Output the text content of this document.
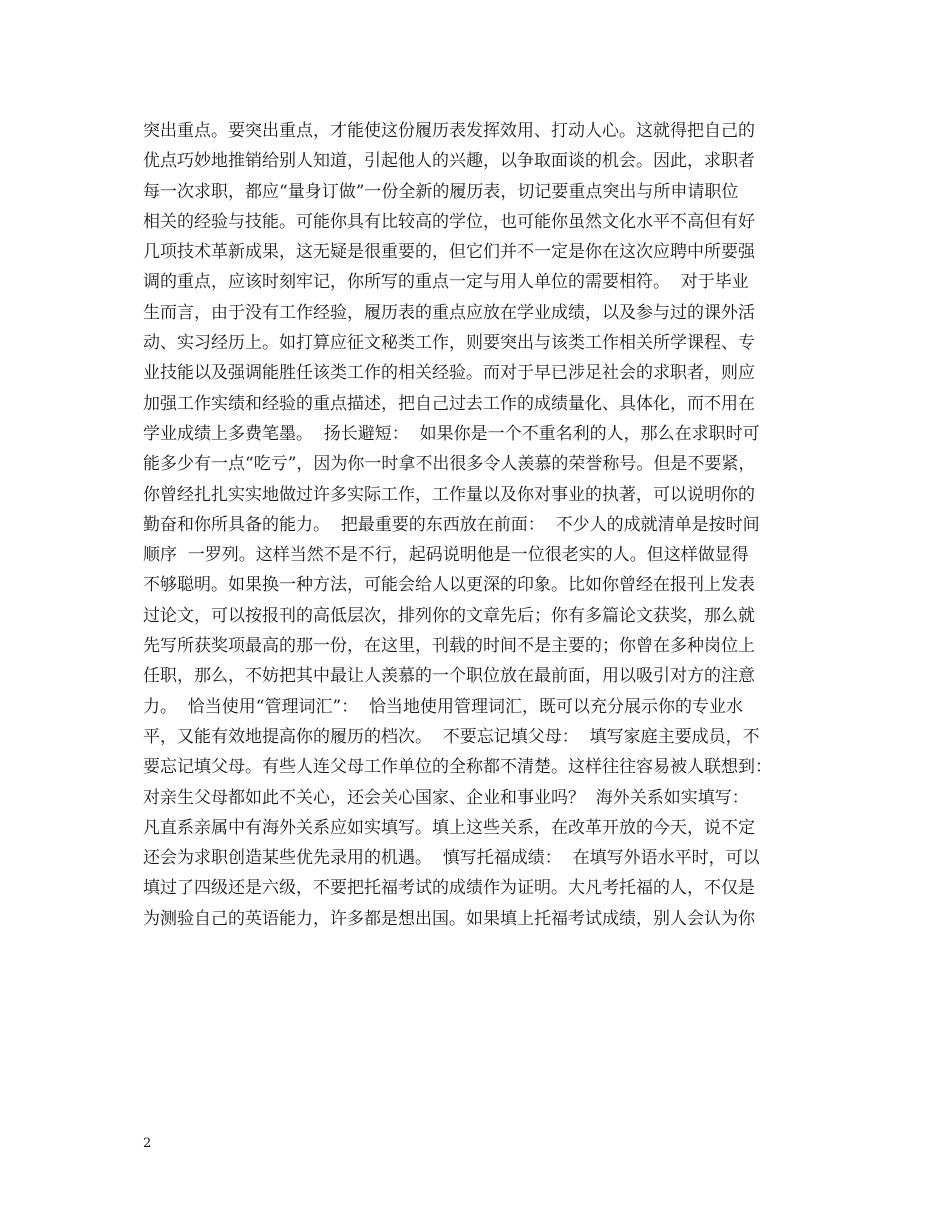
突出重点。要突出重点，才能使这份履历表发挥效用、打动人心。这就得把自己的
优点巧妙地推销给别人知道，引起他人的兴趣，以争取面谈的机会。因此，求职者
每一次求职，都应“量身订做”一份全新的履历表，切记要重点突出与所申请职位
相关的经验与技能。可能你具有比较高的学位，也可能你虽然文化水平不高但有好
几项技术革新成果，这无疑是很重要的，但它们并不一定是你在这次应聘中所要强
调的重点，应该时刻牢记，你所写的重点一定与用人单位的需要相符。  对于毕业
生而言，由于没有工作经验，履历表的重点应放在学业成绩，以及参与过的课外活
动、实习经历上。如打算应征文秘类工作，则要突出与该类工作相关所学课程、专
业技能以及强调能胜任该类工作的相关经验。而对于早已涉足社会的求职者，则应
加强工作实绩和经验的重点描述，把自己过去工作的成绩量化、具体化，而不用在
学业成绩上多费笔墨。  扬长避短：  如果你是一个不重名利的人，那么在求职时可
能多少有一点“吃亏”，因为你一时拿不出很多令人羡慕的荣誉称号。但是不要紧，
你曾经扎扎实实地做过许多实际工作，工作量以及你对事业的执著，可以说明你的
勤奋和你所具备的能力。  把最重要的东西放在前面：  不少人的成就清单是按时间
顺序  一罗列。这样当然不是不行，起码说明他是一位很老实的人。但这样做显得
不够聪明。如果换一种方法，可能会给人以更深的印象。比如你曾经在报刊上发表
过论文，可以按报刊的高低层次，排列你的文章先后；你有多篇论文获奖，那么就
先写所获奖项最高的那一份，在这里，刊载的时间不是主要的；你曾在多种岗位上
任职，那么，不妨把其中最让人羡慕的一个职位放在最前面，用以吸引对方的注意
力。  恰当使用“管理词汇”：  恰当地使用管理词汇，既可以充分展示你的专业水
平，又能有效地提高你的履历的档次。  不要忘记填父母：  填写家庭主要成员，不
要忘记填父母。有些人连父母工作单位的全称都不清楚。这样往往容易被人联想到：
对亲生父母都如此不关心，还会关心国家、企业和事业吗？  海外关系如实填写：
凡直系亲属中有海外关系应如实填写。填上这些关系，在改革开放的今天，说不定
还会为求职创造某些优先录用的机遇。  慎写托福成绩：  在填写外语水平时，可以
填过了四级还是六级，不要把托福考试的成绩作为证明。大凡考托福的人，不仅是
为测验自己的英语能力，许多都是想出国。如果填上托福考试成绩，别人会认为你
2
